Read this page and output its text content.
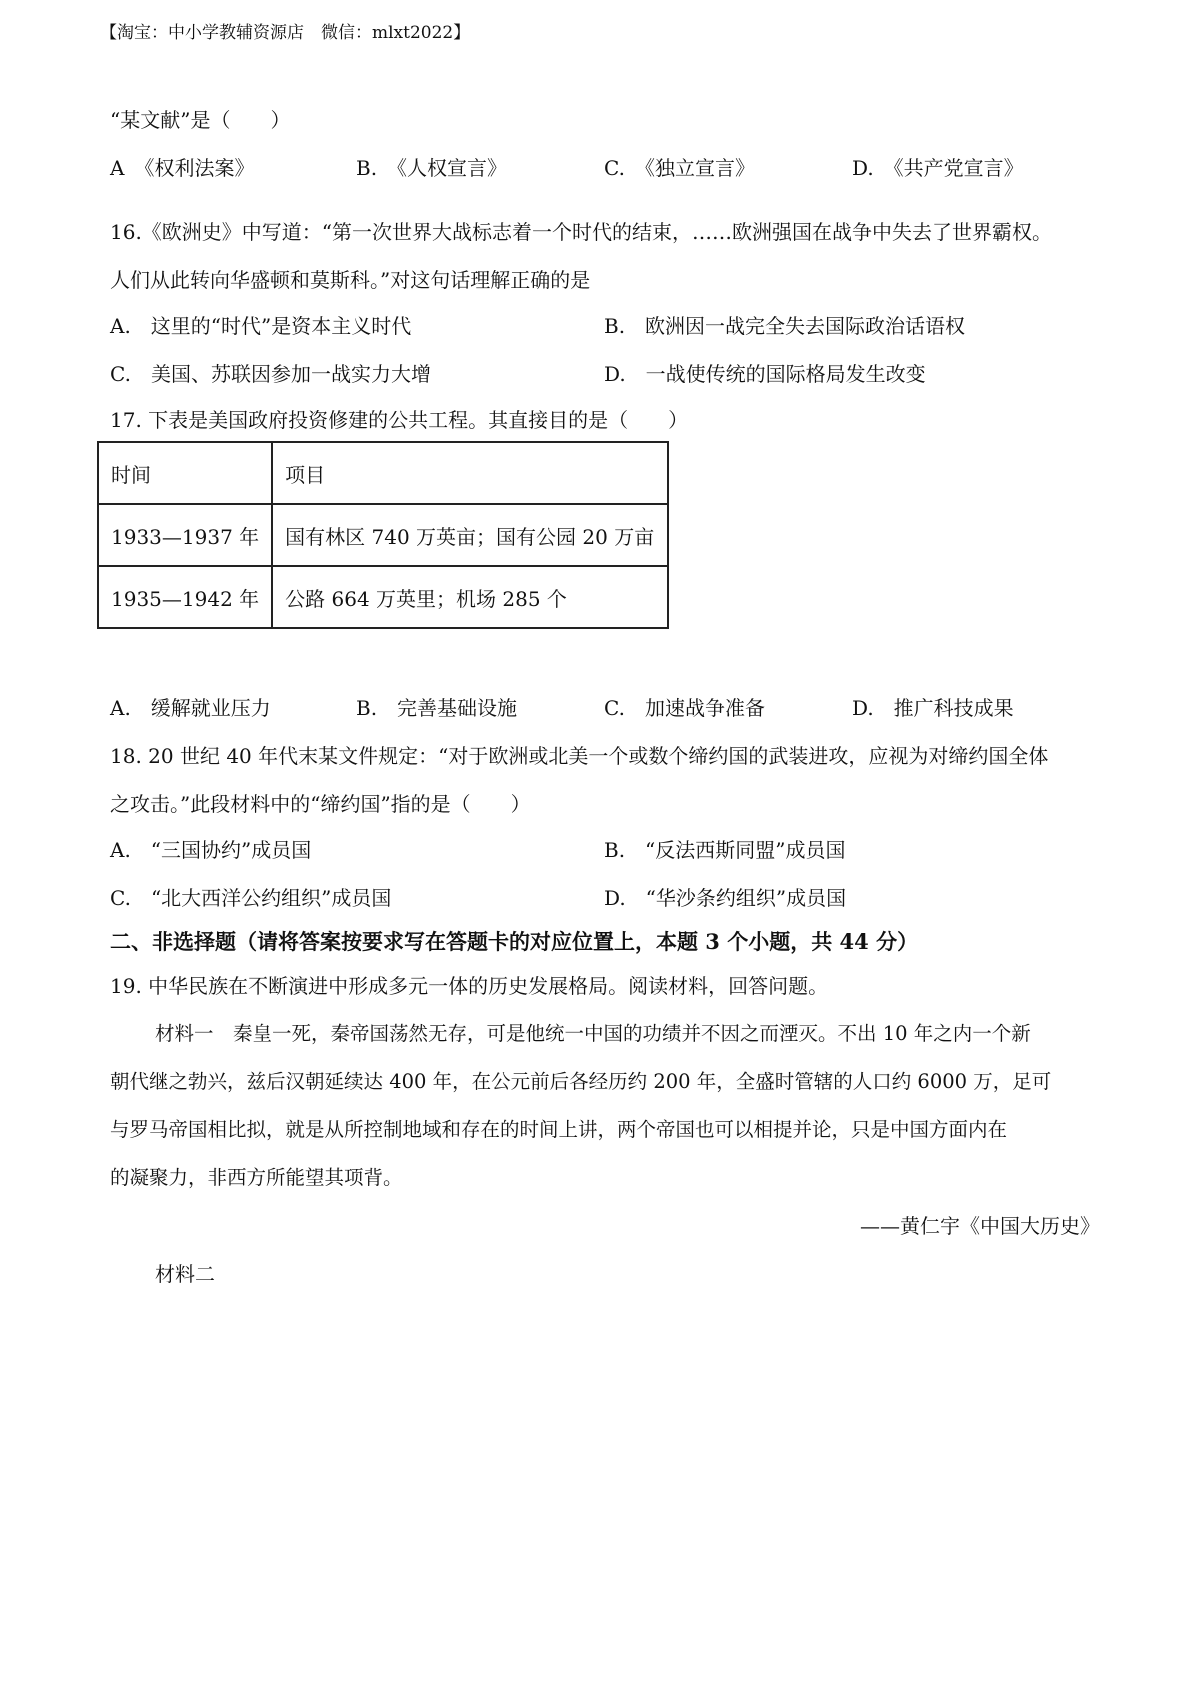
【淘宝：中小学教辅资源店　微信：mlxt2022】
“某文献”是（　　）
A　《权利法案》	B.　《人权宣言》	C.　《独立宣言》	D.　《共产党宣言》
16.《欧洲史》中写道：“第一次世界大战标志着一个时代的结束，……欧洲强国在战争中失去了世界霸权。
人们从此转向华盛顿和莫斯科。”对这句话理解正确的是
A.　这里的“时代”是资本主义时代	B.　欧洲因一战完全失去国际政治话语权
C.　美国、苏联因参加一战实力大增	D.　一战使传统的国际格局发生改变
17. 下表是美国政府投资修建的公共工程。其直接目的是（　　）
时间	项目
1933—1937 年	国有林区 740 万英亩；国有公园 20 万亩
1935—1942 年	公路 664 万英里；机场 285 个
A.　缓解就业压力	B.　完善基础设施	C.　加速战争准备	D.　推广科技成果
18. 20 世纪 40 年代末某文件规定：“对于欧洲或北美一个或数个缔约国的武装进攻，应视为对缔约国全体
之攻击。”此段材料中的“缔约国”指的是（　　）
A.　“三国协约”成员国	B.　“反法西斯同盟”成员国
C.　“北大西洋公约组织”成员国	D.　“华沙条约组织”成员国
二、非选择题（请将答案按要求写在答题卡的对应位置上，本题 3 个小题，共 44 分）
19. 中华民族在不断演进中形成多元一体的历史发展格局。阅读材料，回答问题。
材料一　秦皇一死，秦帝国荡然无存，可是他统一中国的功绩并不因之而湮灭。不出 10 年之内一个新
朝代继之勃兴，兹后汉朝延续达 400 年，在公元前后各经历约 200 年，全盛时管辖的人口约 6000 万，足可
与罗马帝国相比拟，就是从所控制地域和存在的时间上讲，两个帝国也可以相提并论，只是中国方面内在
的凝聚力，非西方所能望其项背。
——黄仁宇《中国大历史》
材料二
